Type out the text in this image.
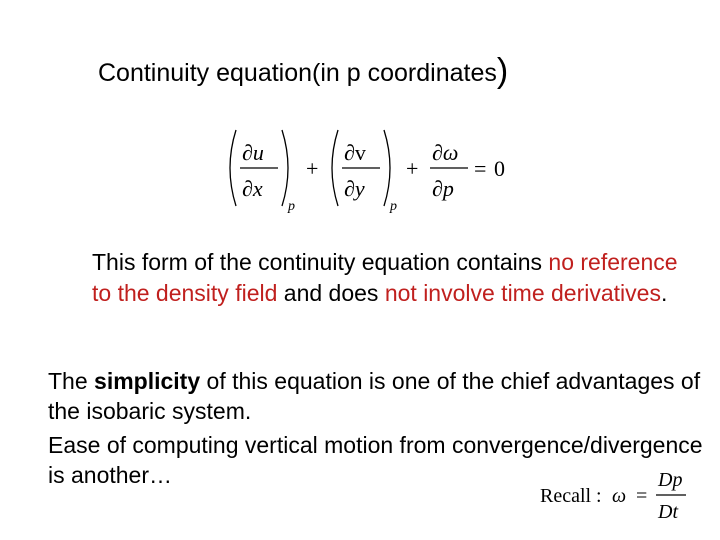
Continuity equation(in p coordinates)
∂u
∂x
p
+
∂v
∂y
p
+
∂ω
∂p
= 0
This form of the continuity equation contains no reference to the density field and does not involve time derivatives.

The simplicity of this equation is one of the chief advantages of the isobaric system.

Ease of computing vertical motion from convergence/divergence is another…

Recall : ω =
Dp
Dt
